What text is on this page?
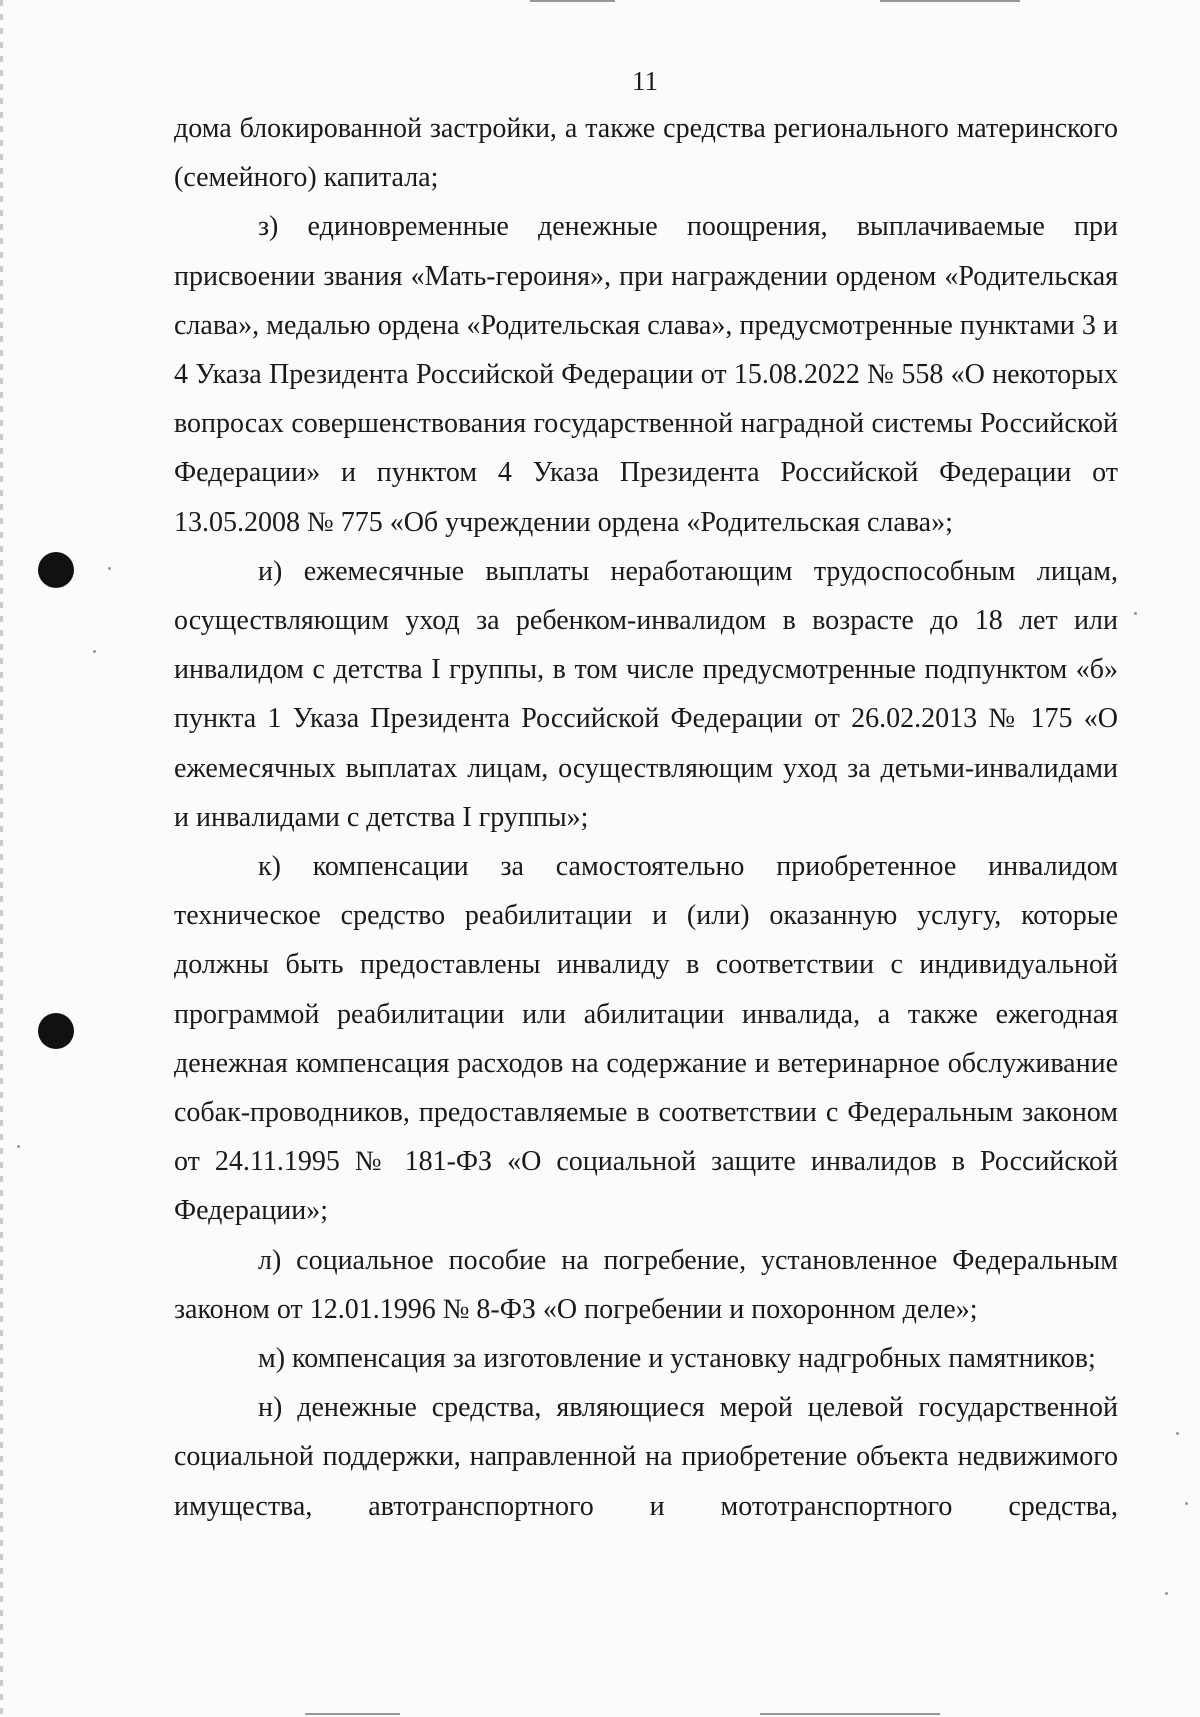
11

дома блокированной застройки, а также средства регионального материнского (семейного) капитала;

з) единовременные денежные поощрения, выплачиваемые при присвоении звания «Мать-героиня», при награждении орденом «Родительская слава», медалью ордена «Родительская слава», предусмотренные пунктами 3 и 4 Указа Президента Российской Федерации от 15.08.2022 № 558 «О некоторых вопросах совершенствования государственной наградной системы Российской Федерации» и пунктом 4 Указа Президента Российской Федерации от 13.05.2008 № 775 «Об учреждении ордена «Родительская слава»;

и) ежемесячные выплаты неработающим трудоспособным лицам, осуществляющим уход за ребенком-инвалидом в возрасте до 18 лет или инвалидом с детства I группы, в том числе предусмотренные подпунктом «б» пункта 1 Указа Президента Российской Федерации от 26.02.2013 № 175 «О ежемесячных выплатах лицам, осуществляющим уход за детьми-инвалидами и инвалидами с детства I группы»;

к) компенсации за самостоятельно приобретенное инвалидом техническое средство реабилитации и (или) оказанную услугу, которые должны быть предоставлены инвалиду в соответствии с индивидуальной программой реабилитации или абилитации инвалида, а также ежегодная денежная компенсация расходов на содержание и ветеринарное обслуживание собак-проводников, предоставляемые в соответствии с Федеральным законом от 24.11.1995 № 181-ФЗ «О социальной защите инвалидов в Российской Федерации»;

л) социальное пособие на погребение, установленное Федеральным законом от 12.01.1996 № 8-ФЗ «О погребении и похоронном деле»;

м) компенсация за изготовление и установку надгробных памятников;

н) денежные средства, являющиеся мерой целевой государственной социальной поддержки, направленной на приобретение объекта недвижимого имущества, автотранспортного и мототранспортного средства,
